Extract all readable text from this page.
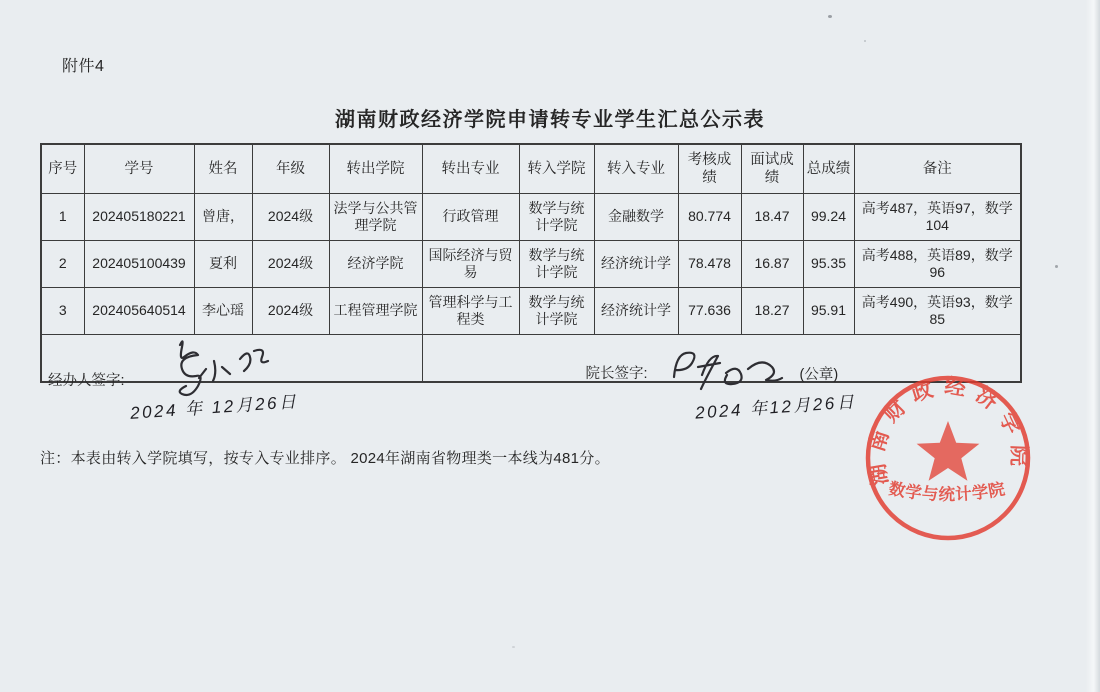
附件4
湖南财政经济学院申请转专业学生汇总公示表
序号	学号	姓名	年级	转出学院	转出专业	转入学院	转入专业	考核成绩	面试成绩	总成绩	备注
1	202405180221	曾唐，	2024级	法学与公共管理学院	行政管理	数学与统计学院	金融数学	80.774	18.47	99.24	高考487，英语97，数学104
2	202405100439	夏利	2024级	经济学院	国际经济与贸易	数学与统计学院	经济统计学	78.478	16.87	95.35	高考488，英语89，数学96
3	202405640514	李心瑶	2024级	工程管理学院	管理科学与工程类	数学与统计学院	经济统计学	77.636	18.27	95.91	高考490，英语93，数学85

经办人签字:
2024 年 12月26日					院长签字: (公章)
2024 年12月26日						
注：本表由转入学院填写，按专入专业排序。 2024年湖南省物理类一本线为481分。	湖南财政经济学院
数学与统计学院
